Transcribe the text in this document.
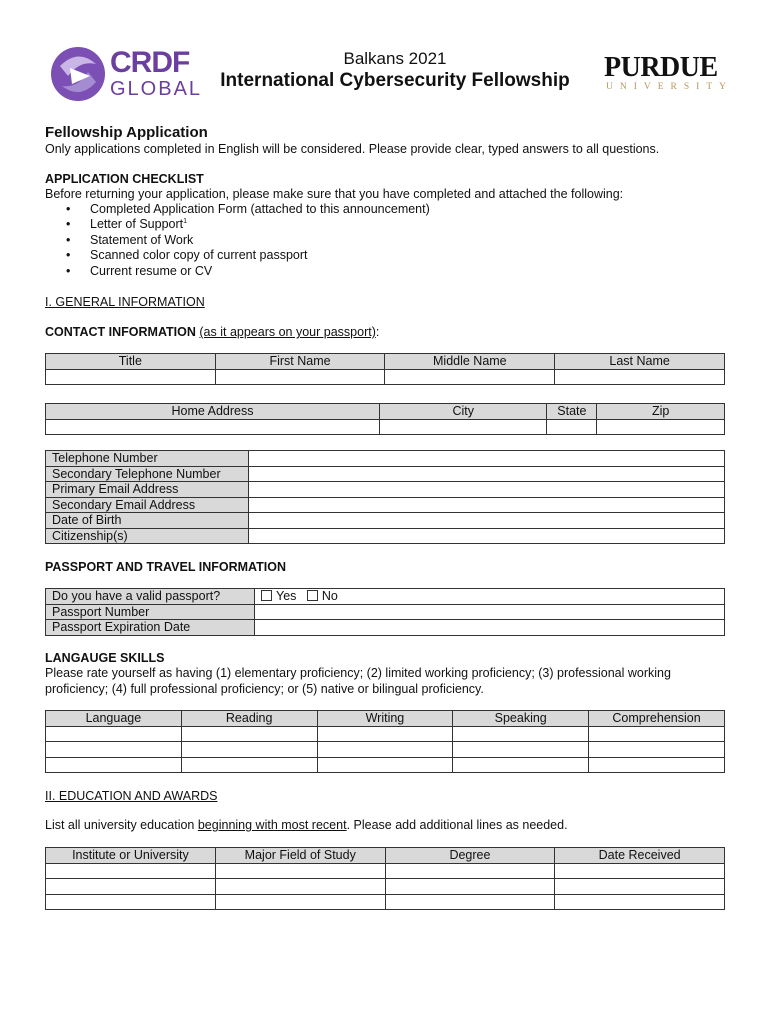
CRDF
GLOBAL
Balkans 2021
International Cybersecurity Fellowship	PURDUE
UNIVERSITY
Fellowship Application
Only applications completed in English will be considered. Please provide clear, typed answers to all questions.
APPLICATION CHECKLIST
Before returning your application, please make sure that you have completed and attached the following:
• Completed Application Form (attached to this announcement)
• Letter of Support$^1$
• Statement of Work
• Scanned color copy of current passport
• Current resume or CV
I. GENERAL INFORMATION
CONTACT INFORMATION (as it appears on your passport):
Title	First Name	Middle Name	Last Name

Home Address	City	State	Zip

Telephone Number	
Secondary Telephone Number	
Primary Email Address	
Secondary Email Address	
Date of Birth	
Citizenship(s)	
PASSPORT AND TRAVEL INFORMATION
Do you have a valid passport?	Yes No
Passport Number	
Passport Expiration Date	
LANGAUGE SKILLS
Please rate yourself as having (1) elementary proficiency; (2) limited working proficiency; (3) professional working proficiency; (4) full professional proficiency; or (5) native or bilingual proficiency.
Language	Reading	Writing	Speaking	Comprehension

II. EDUCATION AND AWARDS
List all university education beginning with most recent. Please add additional lines as needed.
Institute or University	Major Field of Study	Degree	Date Received
